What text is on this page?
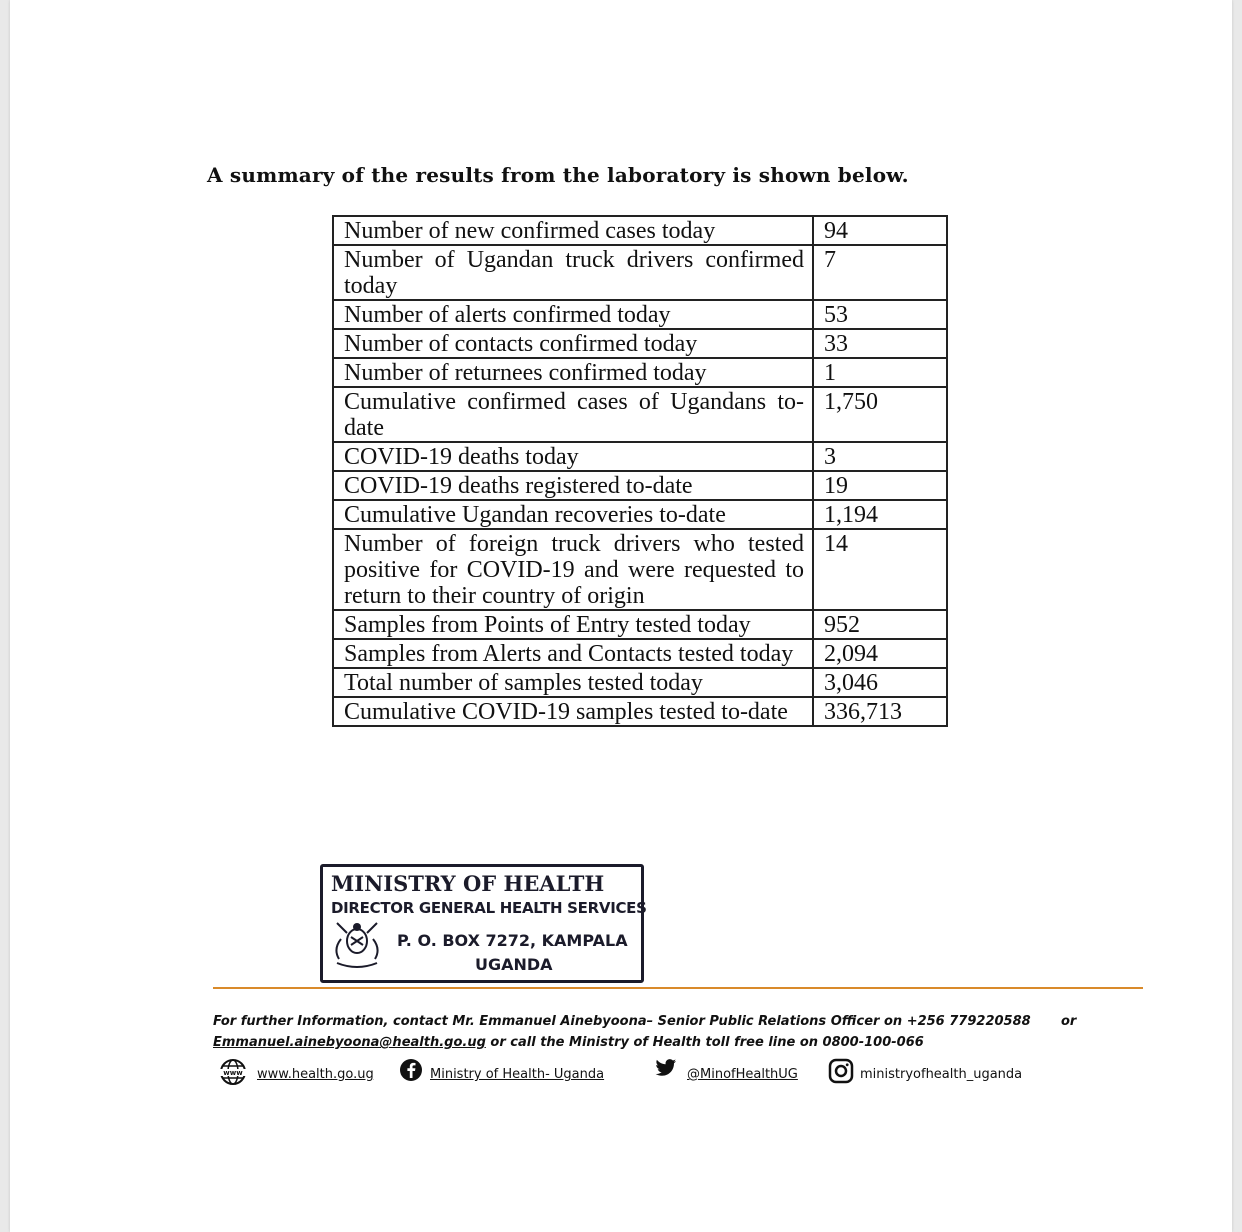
A summary of the results from the laboratory is shown below.
Number of new confirmed cases today	94
Number of Ugandan truck drivers confirmed today	7
Number of alerts confirmed today	53
Number of contacts confirmed today	33
Number of returnees confirmed today	1
Cumulative confirmed cases of Ugandans to-date	1,750
COVID-19 deaths today	3
COVID-19 deaths registered to-date	19
Cumulative Ugandan recoveries to-date	1,194
Number of foreign truck drivers who tested positive for COVID-19 and were requested to return to their country of origin	14
Samples from Points of Entry tested today	952
Samples from Alerts and Contacts tested today	2,094
Total number of samples tested today	3,046
Cumulative COVID-19 samples tested to-date	336,713
MINISTRY OF HEALTH
DIRECTOR GENERAL HEALTH SERVICES
P. O. BOX 7272, KAMPALA
UGANDA
For further Information, contact Mr. Emmanuel Ainebyoona– Senior Public Relations Officer on +256 779220588	or
Emmanuel.ainebyoona@health.go.ug or call the Ministry of Health toll free line on 0800-100-066
www www.health.go.ug	Ministry of Health- Uganda	@MinofHealthUG	ministryofhealth_uganda
